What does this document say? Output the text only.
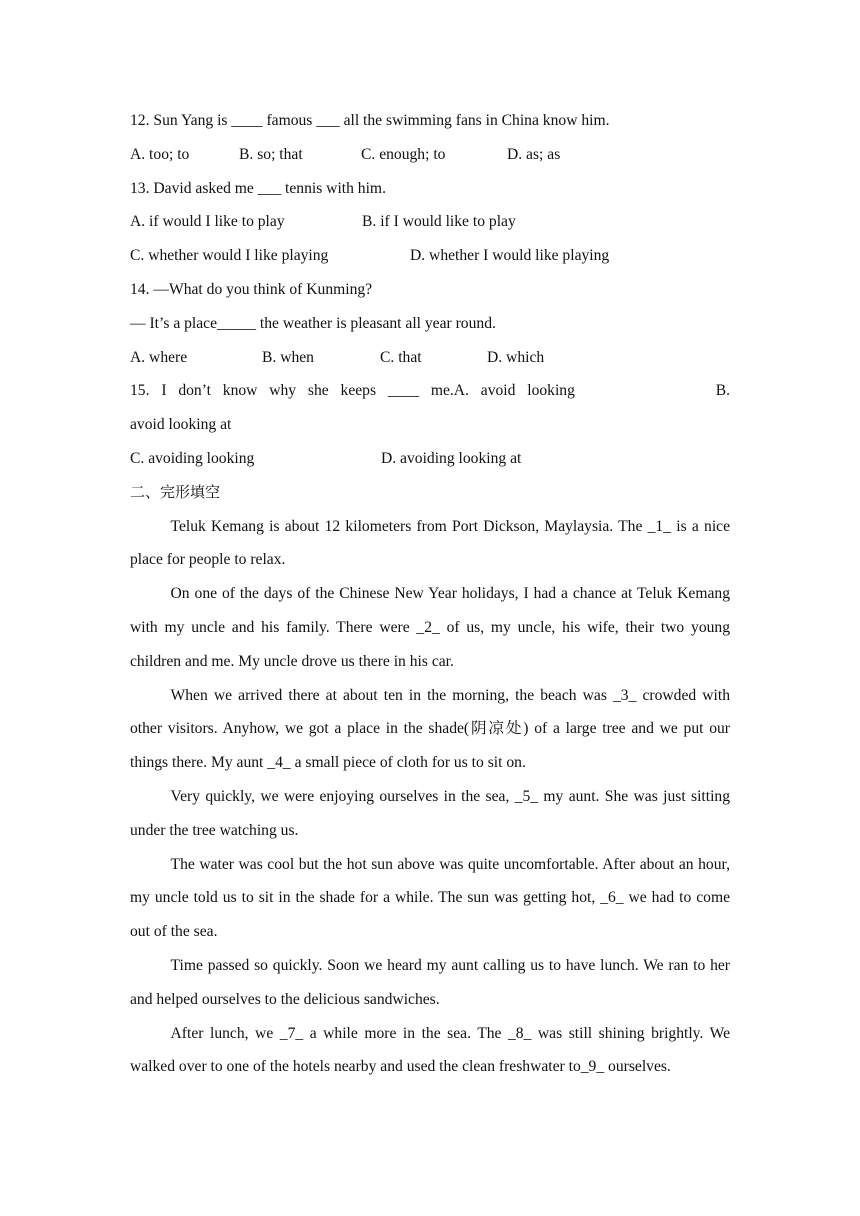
12. Sun Yang is ____ famous ___ all the swimming fans in China know him.
A. too; to	B. so; that	C. enough; to	D. as; as
13. David asked me ___ tennis with him.
A. if would I like to play	B. if I would like to play
C. whether would I like playing	D. whether I would like playing
14. —What do you think of Kunming?
— It’s a place_____ the weather is pleasant all year round.
A. where	B. when	C. that	D. which
15. I don’t know why she keeps ____ me.A. avoid looking	B.
avoid looking at
C. avoiding looking	D. avoiding looking at
二、完形填空

Teluk Kemang is about 12 kilometers from Port Dickson, Maylaysia. The _1_ is a nice place for people to relax.

On one of the days of the Chinese New Year holidays, I had a chance at Teluk Kemang with my uncle and his family. There were _2_ of us, my uncle, his wife, their two young children and me. My uncle drove us there in his car.

When we arrived there at about ten in the morning, the beach was _3_ crowded with other visitors. Anyhow, we got a place in the shade(阴凉处) of a large tree and we put our things there. My aunt _4_ a small piece of cloth for us to sit on.

Very quickly, we were enjoying ourselves in the sea, _5_ my aunt. She was just sitting under the tree watching us.

The water was cool but the hot sun above was quite uncomfortable. After about an hour, my uncle told us to sit in the shade for a while. The sun was getting hot, _6_ we had to come out of the sea.

Time passed so quickly. Soon we heard my aunt calling us to have lunch. We ran to her and helped ourselves to the delicious sandwiches.

After lunch, we _7_ a while more in the sea. The _8_ was still shining brightly. We walked over to one of the hotels nearby and used the clean freshwater to_9_ ourselves.
